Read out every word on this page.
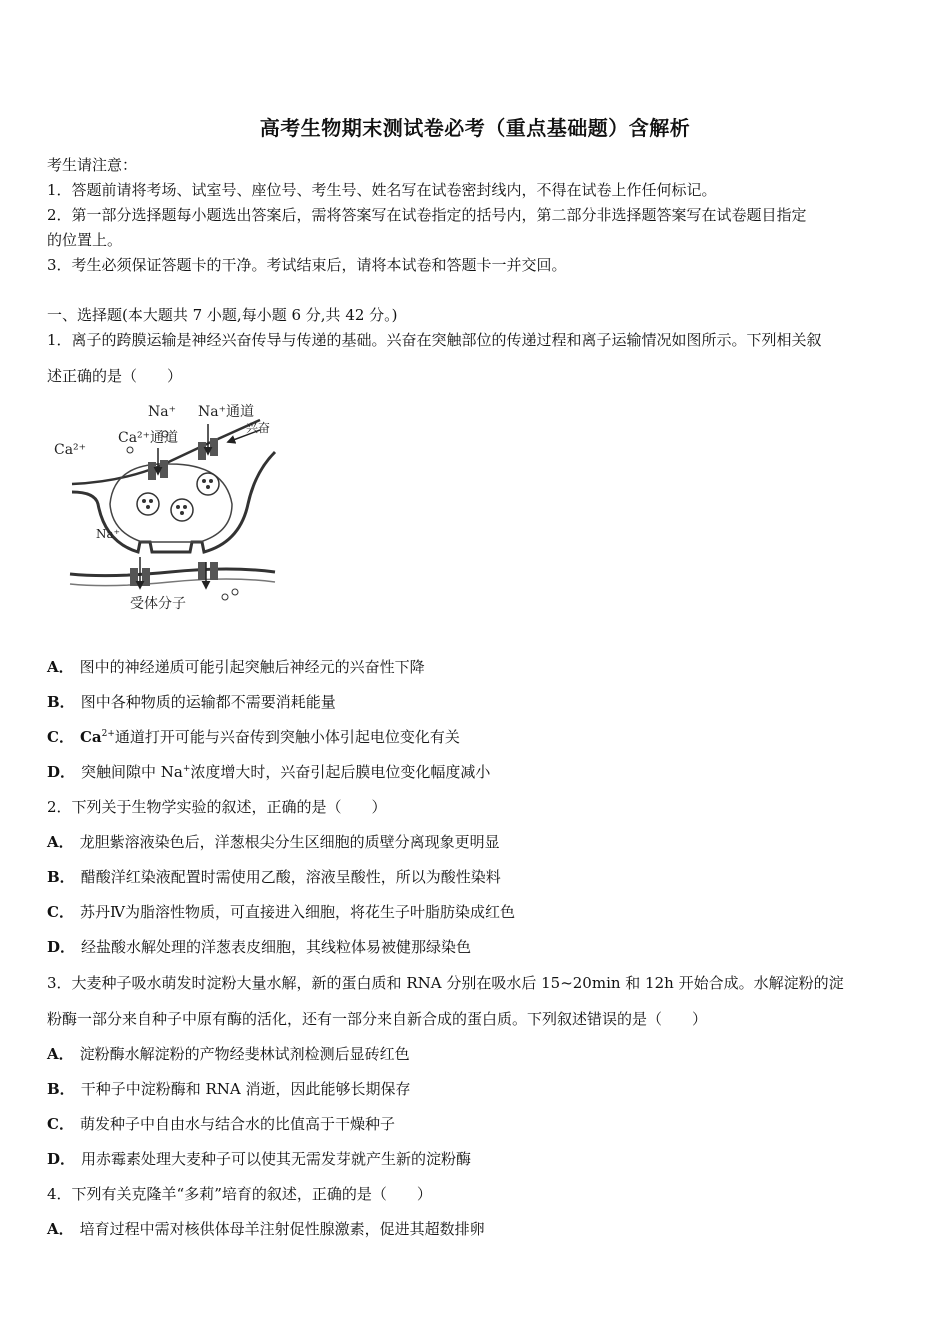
高考生物期末测试卷必考（重点基础题）含解析
考生请注意：
1．答题前请将考场、试室号、座位号、考生号、姓名写在试卷密封线内，不得在试卷上作任何标记。
2．第一部分选择题每小题选出答案后，需将答案写在试卷指定的括号内，第二部分非选择题答案写在试卷题目指定
的位置上。
3．考生必须保证答题卡的干净。考试结束后，请将本试卷和答题卡一并交回。
一、选择题(本大题共 7 小题,每小题 6 分,共 42 分。)
1．离子的跨膜运输是神经兴奋传导与传递的基础。兴奋在突触部位的传递过程和离子运输情况如图所示。下列相关叙
述正确的是（　　）
Na⁺ Na⁺通道
兴奋
Ca²⁺
Ca²⁺通道
Na⁺
受体分子
A． 图中的神经递质可能引起突触后神经元的兴奋性下降
B． 图中各种物质的运输都不需要消耗能量
C． $Ca^{2+}$通道打开可能与兴奋传到突触小体引起电位变化有关
D． 突触间隙中 Na+浓度增大时，兴奋引起后膜电位变化幅度减小
2．下列关于生物学实验的叙述，正确的是（　　）
A． 龙胆紫溶液染色后，洋葱根尖分生区细胞的质壁分离现象更明显
B． 醋酸洋红染液配置时需使用乙酸，溶液呈酸性，所以为酸性染料
C． 苏丹Ⅳ为脂溶性物质，可直接进入细胞，将花生子叶脂肪染成红色
D． 经盐酸水解处理的洋葱表皮细胞，其线粒体易被健那绿染色
3．大麦种子吸水萌发时淀粉大量水解，新的蛋白质和 RNA 分别在吸水后 15~20min 和 12h 开始合成。水解淀粉的淀
粉酶一部分来自种子中原有酶的活化，还有一部分来自新合成的蛋白质。下列叙述错误的是（　　）
A． 淀粉酶水解淀粉的产物经斐林试剂检测后显砖红色
B． 干种子中淀粉酶和 RNA 消逝，因此能够长期保存
C． 萌发种子中自由水与结合水的比值高于干燥种子
D． 用赤霉素处理大麦种子可以使其无需发芽就产生新的淀粉酶
4．下列有关克隆羊“多莉”培育的叙述，正确的是（　　）
A． 培育过程中需对核供体母羊注射促性腺激素，促进其超数排卵
